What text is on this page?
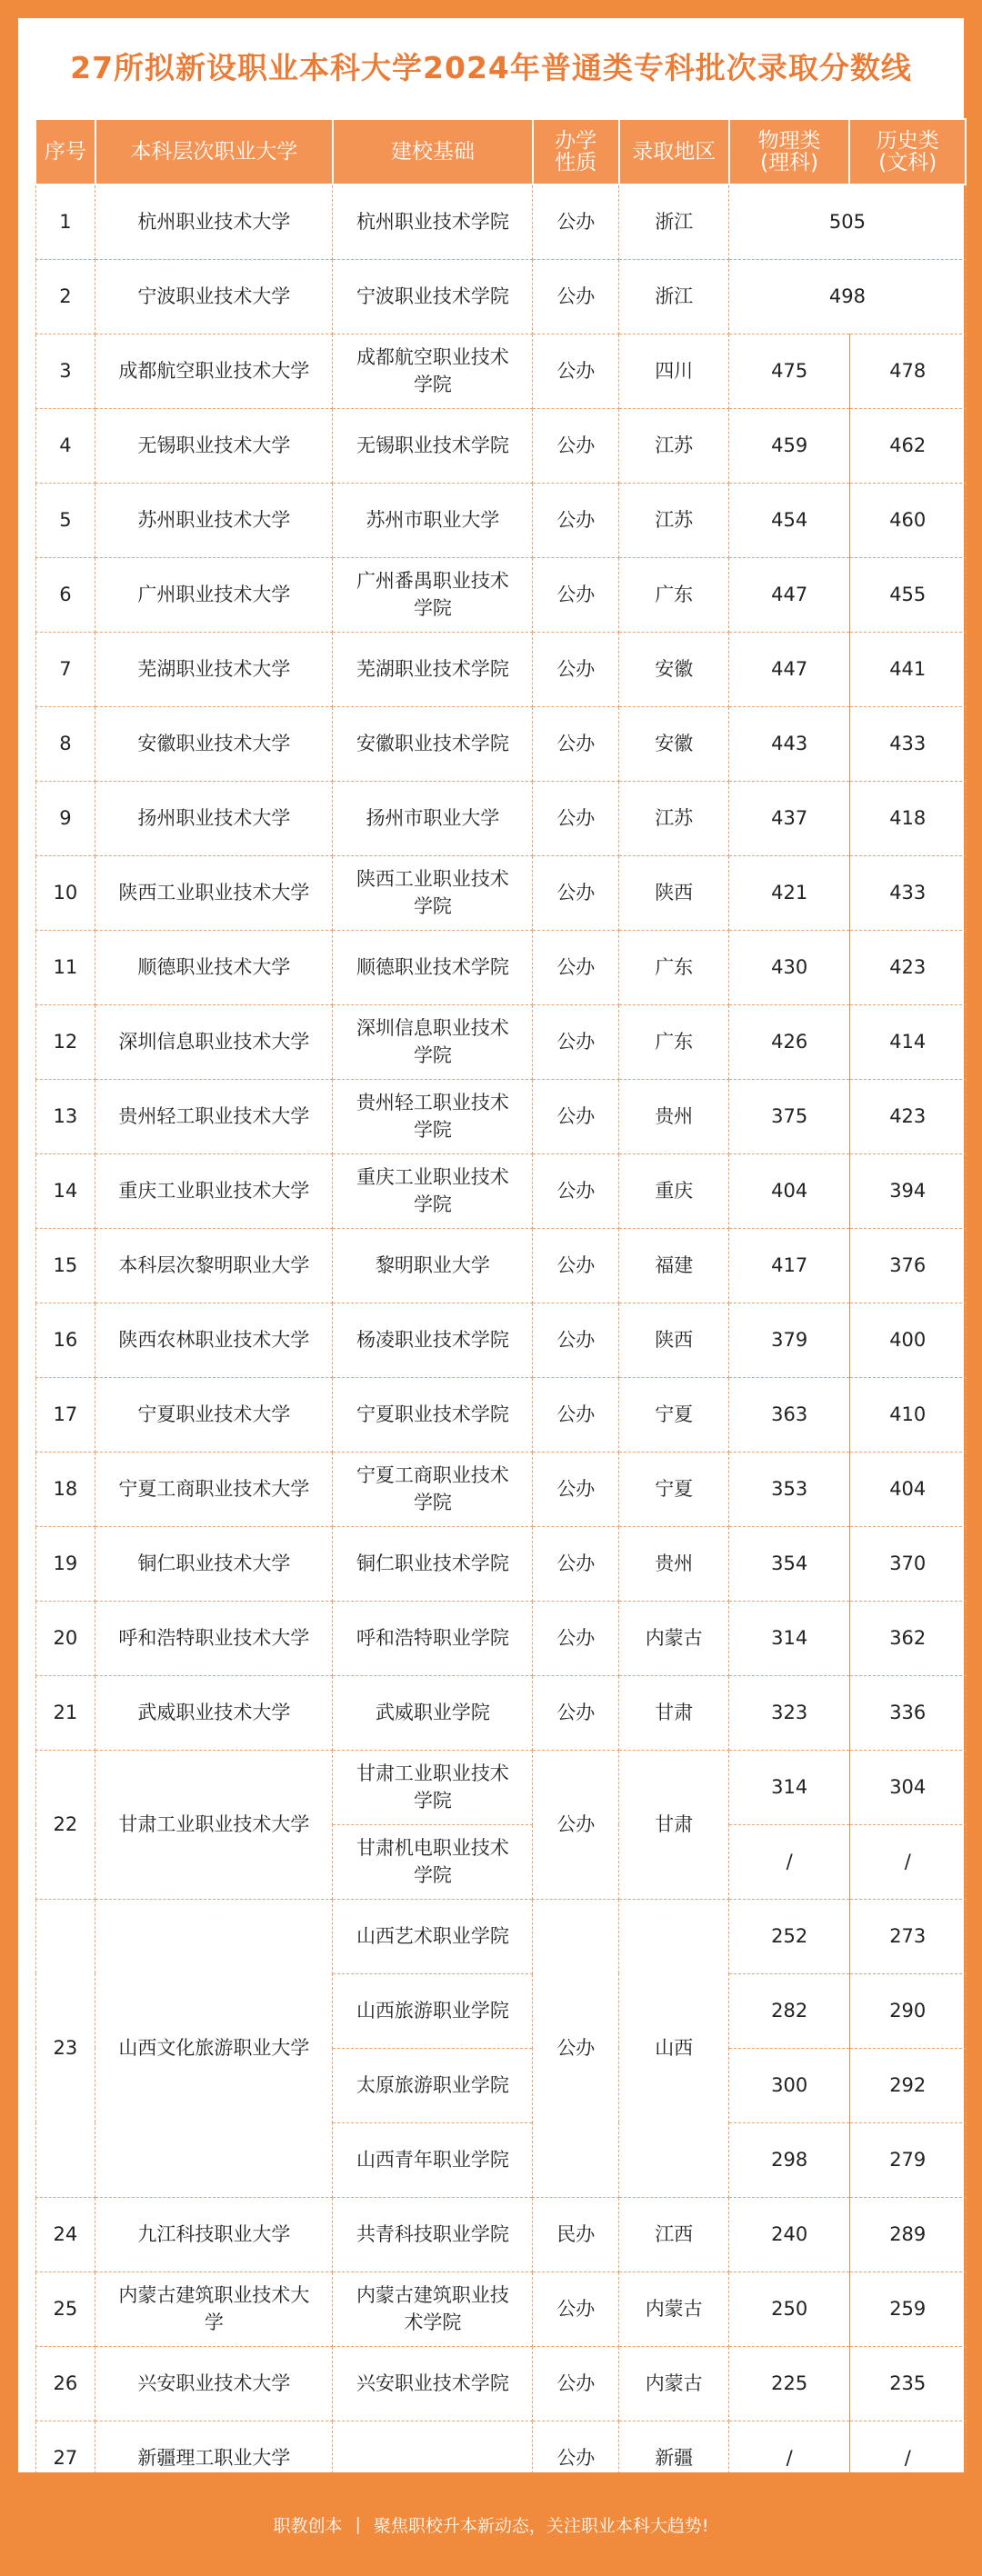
27所拟新设职业本科大学2024年普通类专科批次录取分数线
序号	本科层次职业大学	建校基础	办学
性质	录取地区	物理类
(理科)	历史类
(文科)
1	杭州职业技术大学	杭州职业技术学院	公办	浙江	505	
2	宁波职业技术大学	宁波职业技术学院	公办	浙江	498	
3	成都航空职业技术大学	成都航空职业技术
学院	公办	四川	475	478
4	无锡职业技术大学	无锡职业技术学院	公办	江苏	459	462
5	苏州职业技术大学	苏州市职业大学	公办	江苏	454	460
6	广州职业技术大学	广州番禺职业技术
学院	公办	广东	447	455
7	芜湖职业技术大学	芜湖职业技术学院	公办	安徽	447	441
8	安徽职业技术大学	安徽职业技术学院	公办	安徽	443	433
9	扬州职业技术大学	扬州市职业大学	公办	江苏	437	418
10	陕西工业职业技术大学	陕西工业职业技术
学院	公办	陕西	421	433
11	顺德职业技术大学	顺德职业技术学院	公办	广东	430	423
12	深圳信息职业技术大学	深圳信息职业技术
学院	公办	广东	426	414
13	贵州轻工职业技术大学	贵州轻工职业技术
学院	公办	贵州	375	423
14	重庆工业职业技术大学	重庆工业职业技术
学院	公办	重庆	404	394
15	本科层次黎明职业大学	黎明职业大学	公办	福建	417	376
16	陕西农林职业技术大学	杨凌职业技术学院	公办	陕西	379	400
17	宁夏职业技术大学	宁夏职业技术学院	公办	宁夏	363	410
18	宁夏工商职业技术大学	宁夏工商职业技术
学院	公办	宁夏	353	404
19	铜仁职业技术大学	铜仁职业技术学院	公办	贵州	354	370
20	呼和浩特职业技术大学	呼和浩特职业学院	公办	内蒙古	314	362
21	武威职业技术大学	武威职业学院	公办	甘肃	323	336
22	甘肃工业职业技术大学	甘肃工业职业技术
学院	公办	甘肃	314	304
		甘肃机电职业技术
学院			/	/
23	山西文化旅游职业大学	山西艺术职业学院	公办	山西	252	273
		山西旅游职业学院			282	290
		太原旅游职业学院			300	292
		山西青年职业学院			298	279
24	九江科技职业大学	共青科技职业学院	民办	江西	240	289
25	内蒙古建筑职业技术大
学	内蒙古建筑职业技
术学院	公办	内蒙古	250	259
26	兴安职业技术大学	兴安职业技术学院	公办	内蒙古	225	235
27	新疆理工职业大学		公办	新疆	/	/
职教创本 | 聚焦职校升本新动态，关注职业本科大趋势!
